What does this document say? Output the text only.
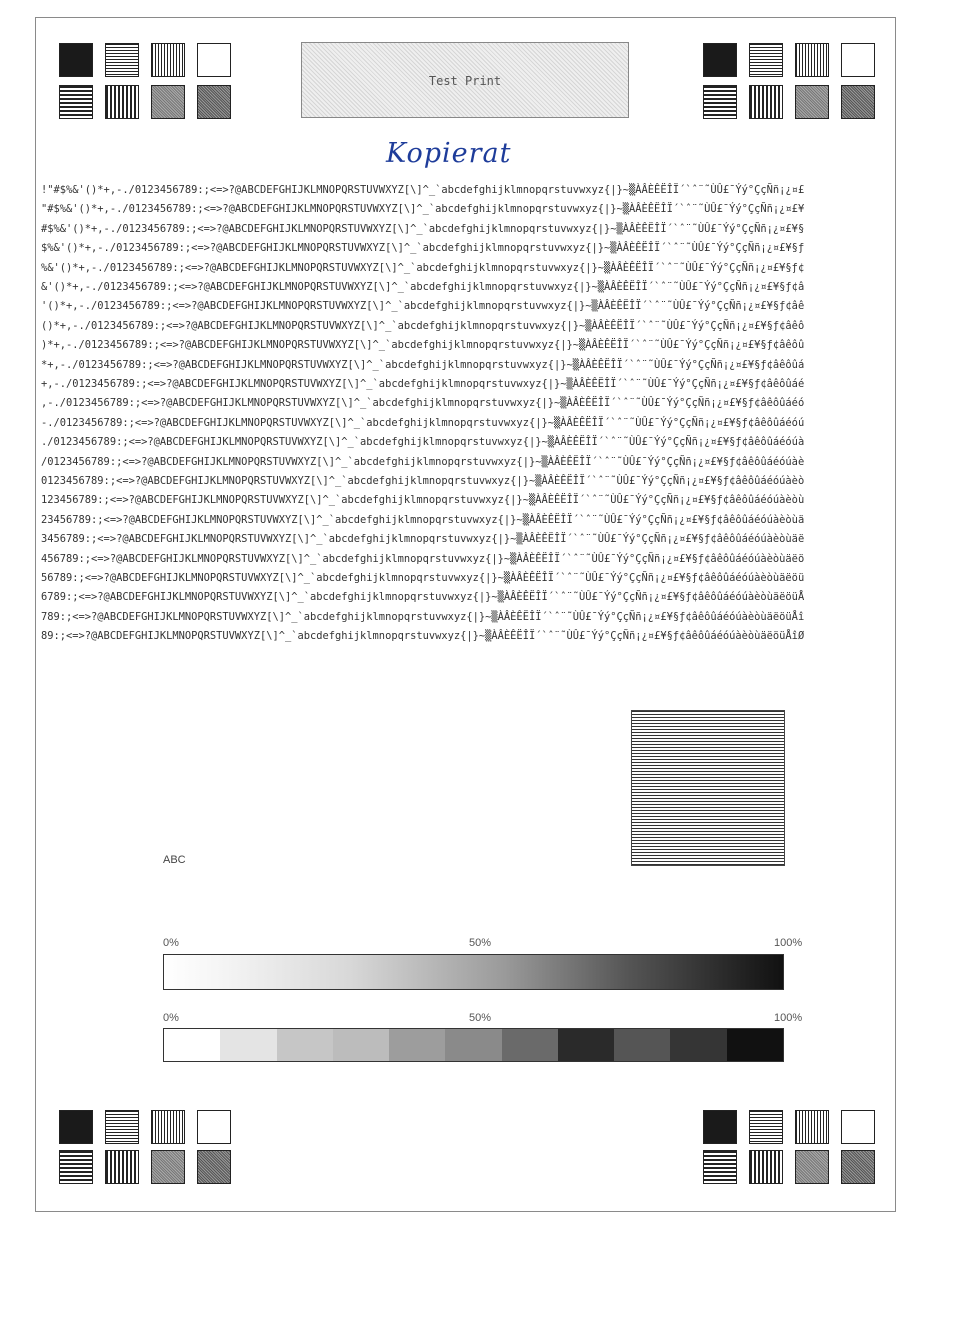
Test Print
Kopierat
!"#$%&'()*+,-./0123456789:;<=>?@ABCDEFGHIJKLMNOPQRSTUVWXYZ[\]^_`abcdefghijklmnopqrstuvwxyz{|}~▒ÀÂÈÊËÎÏ´`ˆ¨˜ÙÛ£¯Ýý°ÇçÑñ¡¿¤£
"#$%&'()*+,-./0123456789:;<=>?@ABCDEFGHIJKLMNOPQRSTUVWXYZ[\]^_`abcdefghijklmnopqrstuvwxyz{|}~▒ÀÂÈÊËÎÏ´`ˆ¨˜ÙÛ£¯Ýý°ÇçÑñ¡¿¤£¥
#$%&'()*+,-./0123456789:;<=>?@ABCDEFGHIJKLMNOPQRSTUVWXYZ[\]^_`abcdefghijklmnopqrstuvwxyz{|}~▒ÀÂÈÊËÎÏ´`ˆ¨˜ÙÛ£¯Ýý°ÇçÑñ¡¿¤£¥§
$%&'()*+,-./0123456789:;<=>?@ABCDEFGHIJKLMNOPQRSTUVWXYZ[\]^_`abcdefghijklmnopqrstuvwxyz{|}~▒ÀÂÈÊËÎÏ´`ˆ¨˜ÙÛ£¯Ýý°ÇçÑñ¡¿¤£¥§ƒ
%&'()*+,-./0123456789:;<=>?@ABCDEFGHIJKLMNOPQRSTUVWXYZ[\]^_`abcdefghijklmnopqrstuvwxyz{|}~▒ÀÂÈÊËÎÏ´`ˆ¨˜ÙÛ£¯Ýý°ÇçÑñ¡¿¤£¥§ƒ¢
&'()*+,-./0123456789:;<=>?@ABCDEFGHIJKLMNOPQRSTUVWXYZ[\]^_`abcdefghijklmnopqrstuvwxyz{|}~▒ÀÂÈÊËÎÏ´`ˆ¨˜ÙÛ£¯Ýý°ÇçÑñ¡¿¤£¥§ƒ¢â
'()*+,-./0123456789:;<=>?@ABCDEFGHIJKLMNOPQRSTUVWXYZ[\]^_`abcdefghijklmnopqrstuvwxyz{|}~▒ÀÂÈÊËÎÏ´`ˆ¨˜ÙÛ£¯Ýý°ÇçÑñ¡¿¤£¥§ƒ¢âê
()*+,-./0123456789:;<=>?@ABCDEFGHIJKLMNOPQRSTUVWXYZ[\]^_`abcdefghijklmnopqrstuvwxyz{|}~▒ÀÂÈÊËÎÏ´`ˆ¨˜ÙÛ£¯Ýý°ÇçÑñ¡¿¤£¥§ƒ¢âêô
)*+,-./0123456789:;<=>?@ABCDEFGHIJKLMNOPQRSTUVWXYZ[\]^_`abcdefghijklmnopqrstuvwxyz{|}~▒ÀÂÈÊËÎÏ´`ˆ¨˜ÙÛ£¯Ýý°ÇçÑñ¡¿¤£¥§ƒ¢âêôû
*+,-./0123456789:;<=>?@ABCDEFGHIJKLMNOPQRSTUVWXYZ[\]^_`abcdefghijklmnopqrstuvwxyz{|}~▒ÀÂÈÊËÎÏ´`ˆ¨˜ÙÛ£¯Ýý°ÇçÑñ¡¿¤£¥§ƒ¢âêôûá
+,-./0123456789:;<=>?@ABCDEFGHIJKLMNOPQRSTUVWXYZ[\]^_`abcdefghijklmnopqrstuvwxyz{|}~▒ÀÂÈÊËÎÏ´`ˆ¨˜ÙÛ£¯Ýý°ÇçÑñ¡¿¤£¥§ƒ¢âêôûáé
,-./0123456789:;<=>?@ABCDEFGHIJKLMNOPQRSTUVWXYZ[\]^_`abcdefghijklmnopqrstuvwxyz{|}~▒ÀÂÈÊËÎÏ´`ˆ¨˜ÙÛ£¯Ýý°ÇçÑñ¡¿¤£¥§ƒ¢âêôûáéó
-./0123456789:;<=>?@ABCDEFGHIJKLMNOPQRSTUVWXYZ[\]^_`abcdefghijklmnopqrstuvwxyz{|}~▒ÀÂÈÊËÎÏ´`ˆ¨˜ÙÛ£¯Ýý°ÇçÑñ¡¿¤£¥§ƒ¢âêôûáéóú
./0123456789:;<=>?@ABCDEFGHIJKLMNOPQRSTUVWXYZ[\]^_`abcdefghijklmnopqrstuvwxyz{|}~▒ÀÂÈÊËÎÏ´`ˆ¨˜ÙÛ£¯Ýý°ÇçÑñ¡¿¤£¥§ƒ¢âêôûáéóúà
/0123456789:;<=>?@ABCDEFGHIJKLMNOPQRSTUVWXYZ[\]^_`abcdefghijklmnopqrstuvwxyz{|}~▒ÀÂÈÊËÎÏ´`ˆ¨˜ÙÛ£¯Ýý°ÇçÑñ¡¿¤£¥§ƒ¢âêôûáéóúàè
0123456789:;<=>?@ABCDEFGHIJKLMNOPQRSTUVWXYZ[\]^_`abcdefghijklmnopqrstuvwxyz{|}~▒ÀÂÈÊËÎÏ´`ˆ¨˜ÙÛ£¯Ýý°ÇçÑñ¡¿¤£¥§ƒ¢âêôûáéóúàèò
123456789:;<=>?@ABCDEFGHIJKLMNOPQRSTUVWXYZ[\]^_`abcdefghijklmnopqrstuvwxyz{|}~▒ÀÂÈÊËÎÏ´`ˆ¨˜ÙÛ£¯Ýý°ÇçÑñ¡¿¤£¥§ƒ¢âêôûáéóúàèòù
23456789:;<=>?@ABCDEFGHIJKLMNOPQRSTUVWXYZ[\]^_`abcdefghijklmnopqrstuvwxyz{|}~▒ÀÂÈÊËÎÏ´`ˆ¨˜ÙÛ£¯Ýý°ÇçÑñ¡¿¤£¥§ƒ¢âêôûáéóúàèòùä
3456789:;<=>?@ABCDEFGHIJKLMNOPQRSTUVWXYZ[\]^_`abcdefghijklmnopqrstuvwxyz{|}~▒ÀÂÈÊËÎÏ´`ˆ¨˜ÙÛ£¯Ýý°ÇçÑñ¡¿¤£¥§ƒ¢âêôûáéóúàèòùäë
456789:;<=>?@ABCDEFGHIJKLMNOPQRSTUVWXYZ[\]^_`abcdefghijklmnopqrstuvwxyz{|}~▒ÀÂÈÊËÎÏ´`ˆ¨˜ÙÛ£¯Ýý°ÇçÑñ¡¿¤£¥§ƒ¢âêôûáéóúàèòùäëö
56789:;<=>?@ABCDEFGHIJKLMNOPQRSTUVWXYZ[\]^_`abcdefghijklmnopqrstuvwxyz{|}~▒ÀÂÈÊËÎÏ´`ˆ¨˜ÙÛ£¯Ýý°ÇçÑñ¡¿¤£¥§ƒ¢âêôûáéóúàèòùäëöü
6789:;<=>?@ABCDEFGHIJKLMNOPQRSTUVWXYZ[\]^_`abcdefghijklmnopqrstuvwxyz{|}~▒ÀÂÈÊËÎÏ´`ˆ¨˜ÙÛ£¯Ýý°ÇçÑñ¡¿¤£¥§ƒ¢âêôûáéóúàèòùäëöüÅ
789:;<=>?@ABCDEFGHIJKLMNOPQRSTUVWXYZ[\]^_`abcdefghijklmnopqrstuvwxyz{|}~▒ÀÂÈÊËÎÏ´`ˆ¨˜ÙÛ£¯Ýý°ÇçÑñ¡¿¤£¥§ƒ¢âêôûáéóúàèòùäëöüÅî
89:;<=>?@ABCDEFGHIJKLMNOPQRSTUVWXYZ[\]^_`abcdefghijklmnopqrstuvwxyz{|}~▒ÀÂÈÊËÎÏ´`ˆ¨˜ÙÛ£¯Ýý°ÇçÑñ¡¿¤£¥§ƒ¢âêôûáéóúàèòùäëöüÅîØ
ABC
0%	50%	100%
0%	50%	100%
